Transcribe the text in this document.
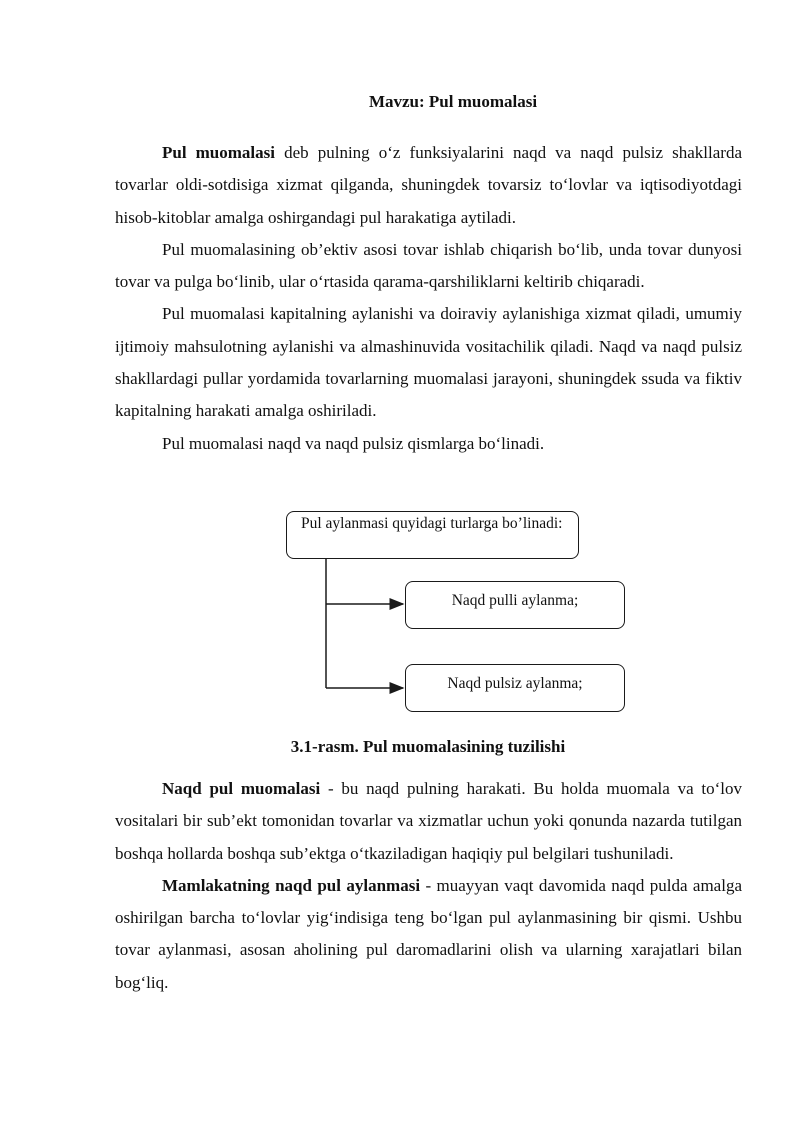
Mavzu: Pul muomalasi

Pul muomalasi deb pulning o‘z funksiyalarini naqd va naqd pulsiz shakllarda tovarlar oldi-sotdisiga xizmat qilganda, shuningdek tovarsiz to‘lovlar va iqtisodiyotdagi hisob-kitoblar amalga oshirgandagi pul harakatiga aytiladi.

Pul muomalasining ob’ektiv asosi tovar ishlab chiqarish bo‘lib, unda tovar dunyosi tovar va pulga bo‘linib, ular o‘rtasida qarama-qarshiliklarni keltirib chiqaradi.

Pul muomalasi kapitalning aylanishi va doiraviy aylanishiga xizmat qiladi, umumiy ijtimoiy mahsulotning aylanishi va almashinuvida vositachilik qiladi. Naqd va naqd pulsiz shakllardagi pullar yordamida tovarlarning muomalasi jarayoni, shuningdek ssuda va fiktiv kapitalning harakati amalga oshiriladi.

Pul muomalasi naqd va naqd pulsiz qismlarga bo‘linadi.

Pul aylanmasi quyidagi turlarga bo’linadi:
Naqd pulli aylanma;
Naqd pulsiz aylanma;
3.1-rasm. Pul muomalasining tuzilishi

Naqd pul muomalasi - bu naqd pulning harakati. Bu holda muomala va to‘lov vositalari bir sub’ekt tomonidan tovarlar va xizmatlar uchun yoki qonunda nazarda tutilgan boshqa hollarda boshqa sub’ektga o‘tkaziladigan haqiqiy pul belgilari tushuniladi.

Mamlakatning naqd pul aylanmasi - muayyan vaqt davomida naqd pulda amalga oshirilgan barcha to‘lovlar yig‘indisiga teng bo‘lgan pul aylanmasining bir qismi. Ushbu tovar aylanmasi, asosan aholining pul daromadlarini olish va ularning xarajatlari bilan bog‘liq.
